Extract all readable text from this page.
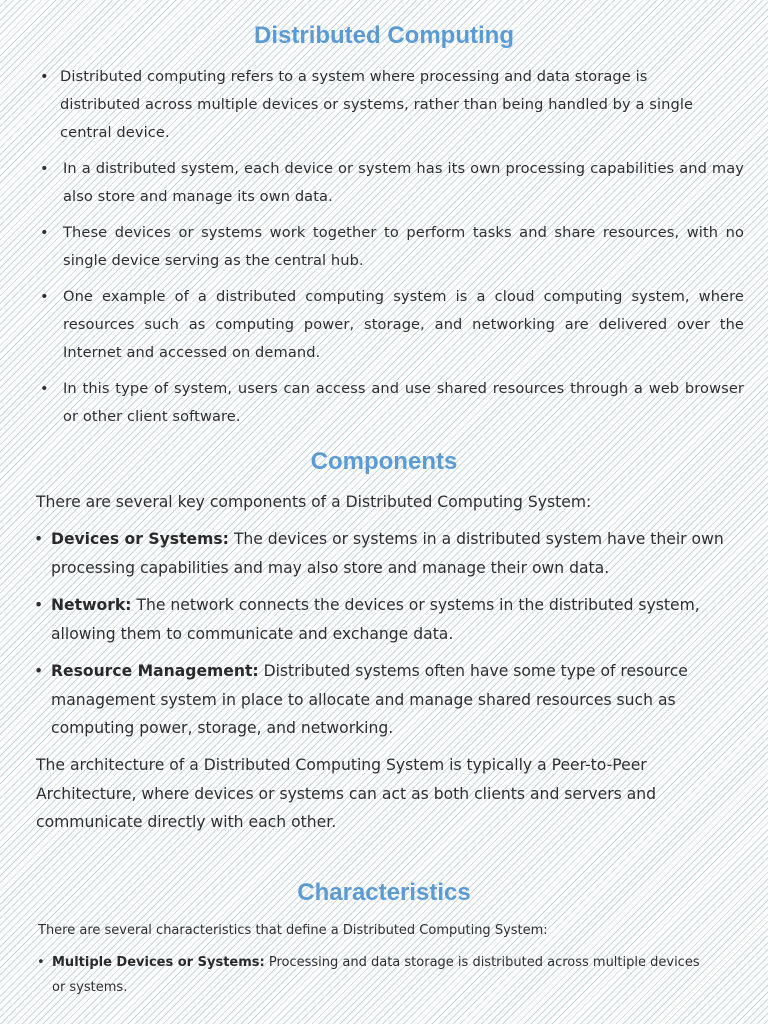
Distributed Computing
• Distributed computing refers to a system where processing and data storage is distributed across multiple devices or systems, rather than being handled by a single central device.
• In a distributed system, each device or system has its own processing capabilities and may also store and manage its own data.
• These devices or systems work together to perform tasks and share resources, with no single device serving as the central hub.
• One example of a distributed computing system is a cloud computing system, where resources such as computing power, storage, and networking are delivered over the Internet and accessed on demand.
• In this type of system, users can access and use shared resources through a web browser or other client software.
Components

There are several key components of a Distributed Computing System:

• Devices or Systems: The devices or systems in a distributed system have their own processing capabilities and may also store and manage their own data.
• Network: The network connects the devices or systems in the distributed system, allowing them to communicate and exchange data.
• Resource Management: Distributed systems often have some type of resource management system in place to allocate and manage shared resources such as computing power, storage, and networking.

The architecture of a Distributed Computing System is typically a Peer-to-Peer Architecture, where devices or systems can act as both clients and servers and communicate directly with each other.

Characteristics

There are several characteristics that define a Distributed Computing System:

• Multiple Devices or Systems: Processing and data storage is distributed across multiple devices or systems.
